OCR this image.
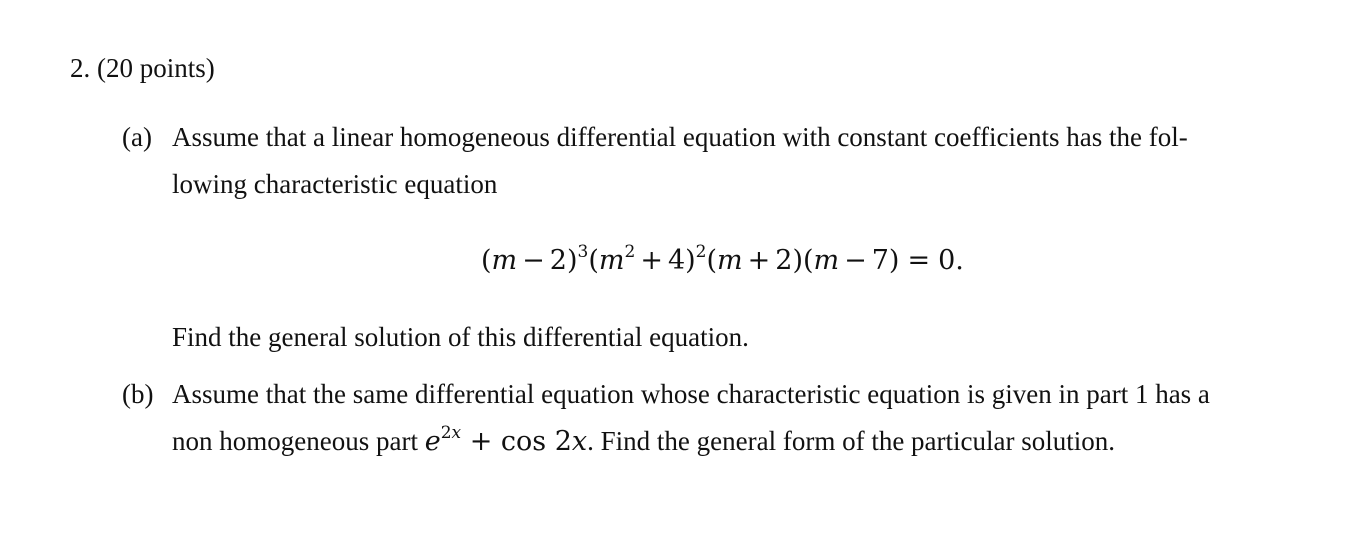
2. (20 points)
(a) Assume that a linear homogeneous differential equation with constant coefficients has the fol-
lowing characteristic equation
$(m - 2)^3(m^2 + 4)^2(m + 2)(m - 7) = 0$.
Find the general solution of this differential equation.
(b) Assume that the same differential equation whose characteristic equation is given in part 1 has a
non homogeneous part $e^{2x} + \cos 2x$. Find the general form of the particular solution.
